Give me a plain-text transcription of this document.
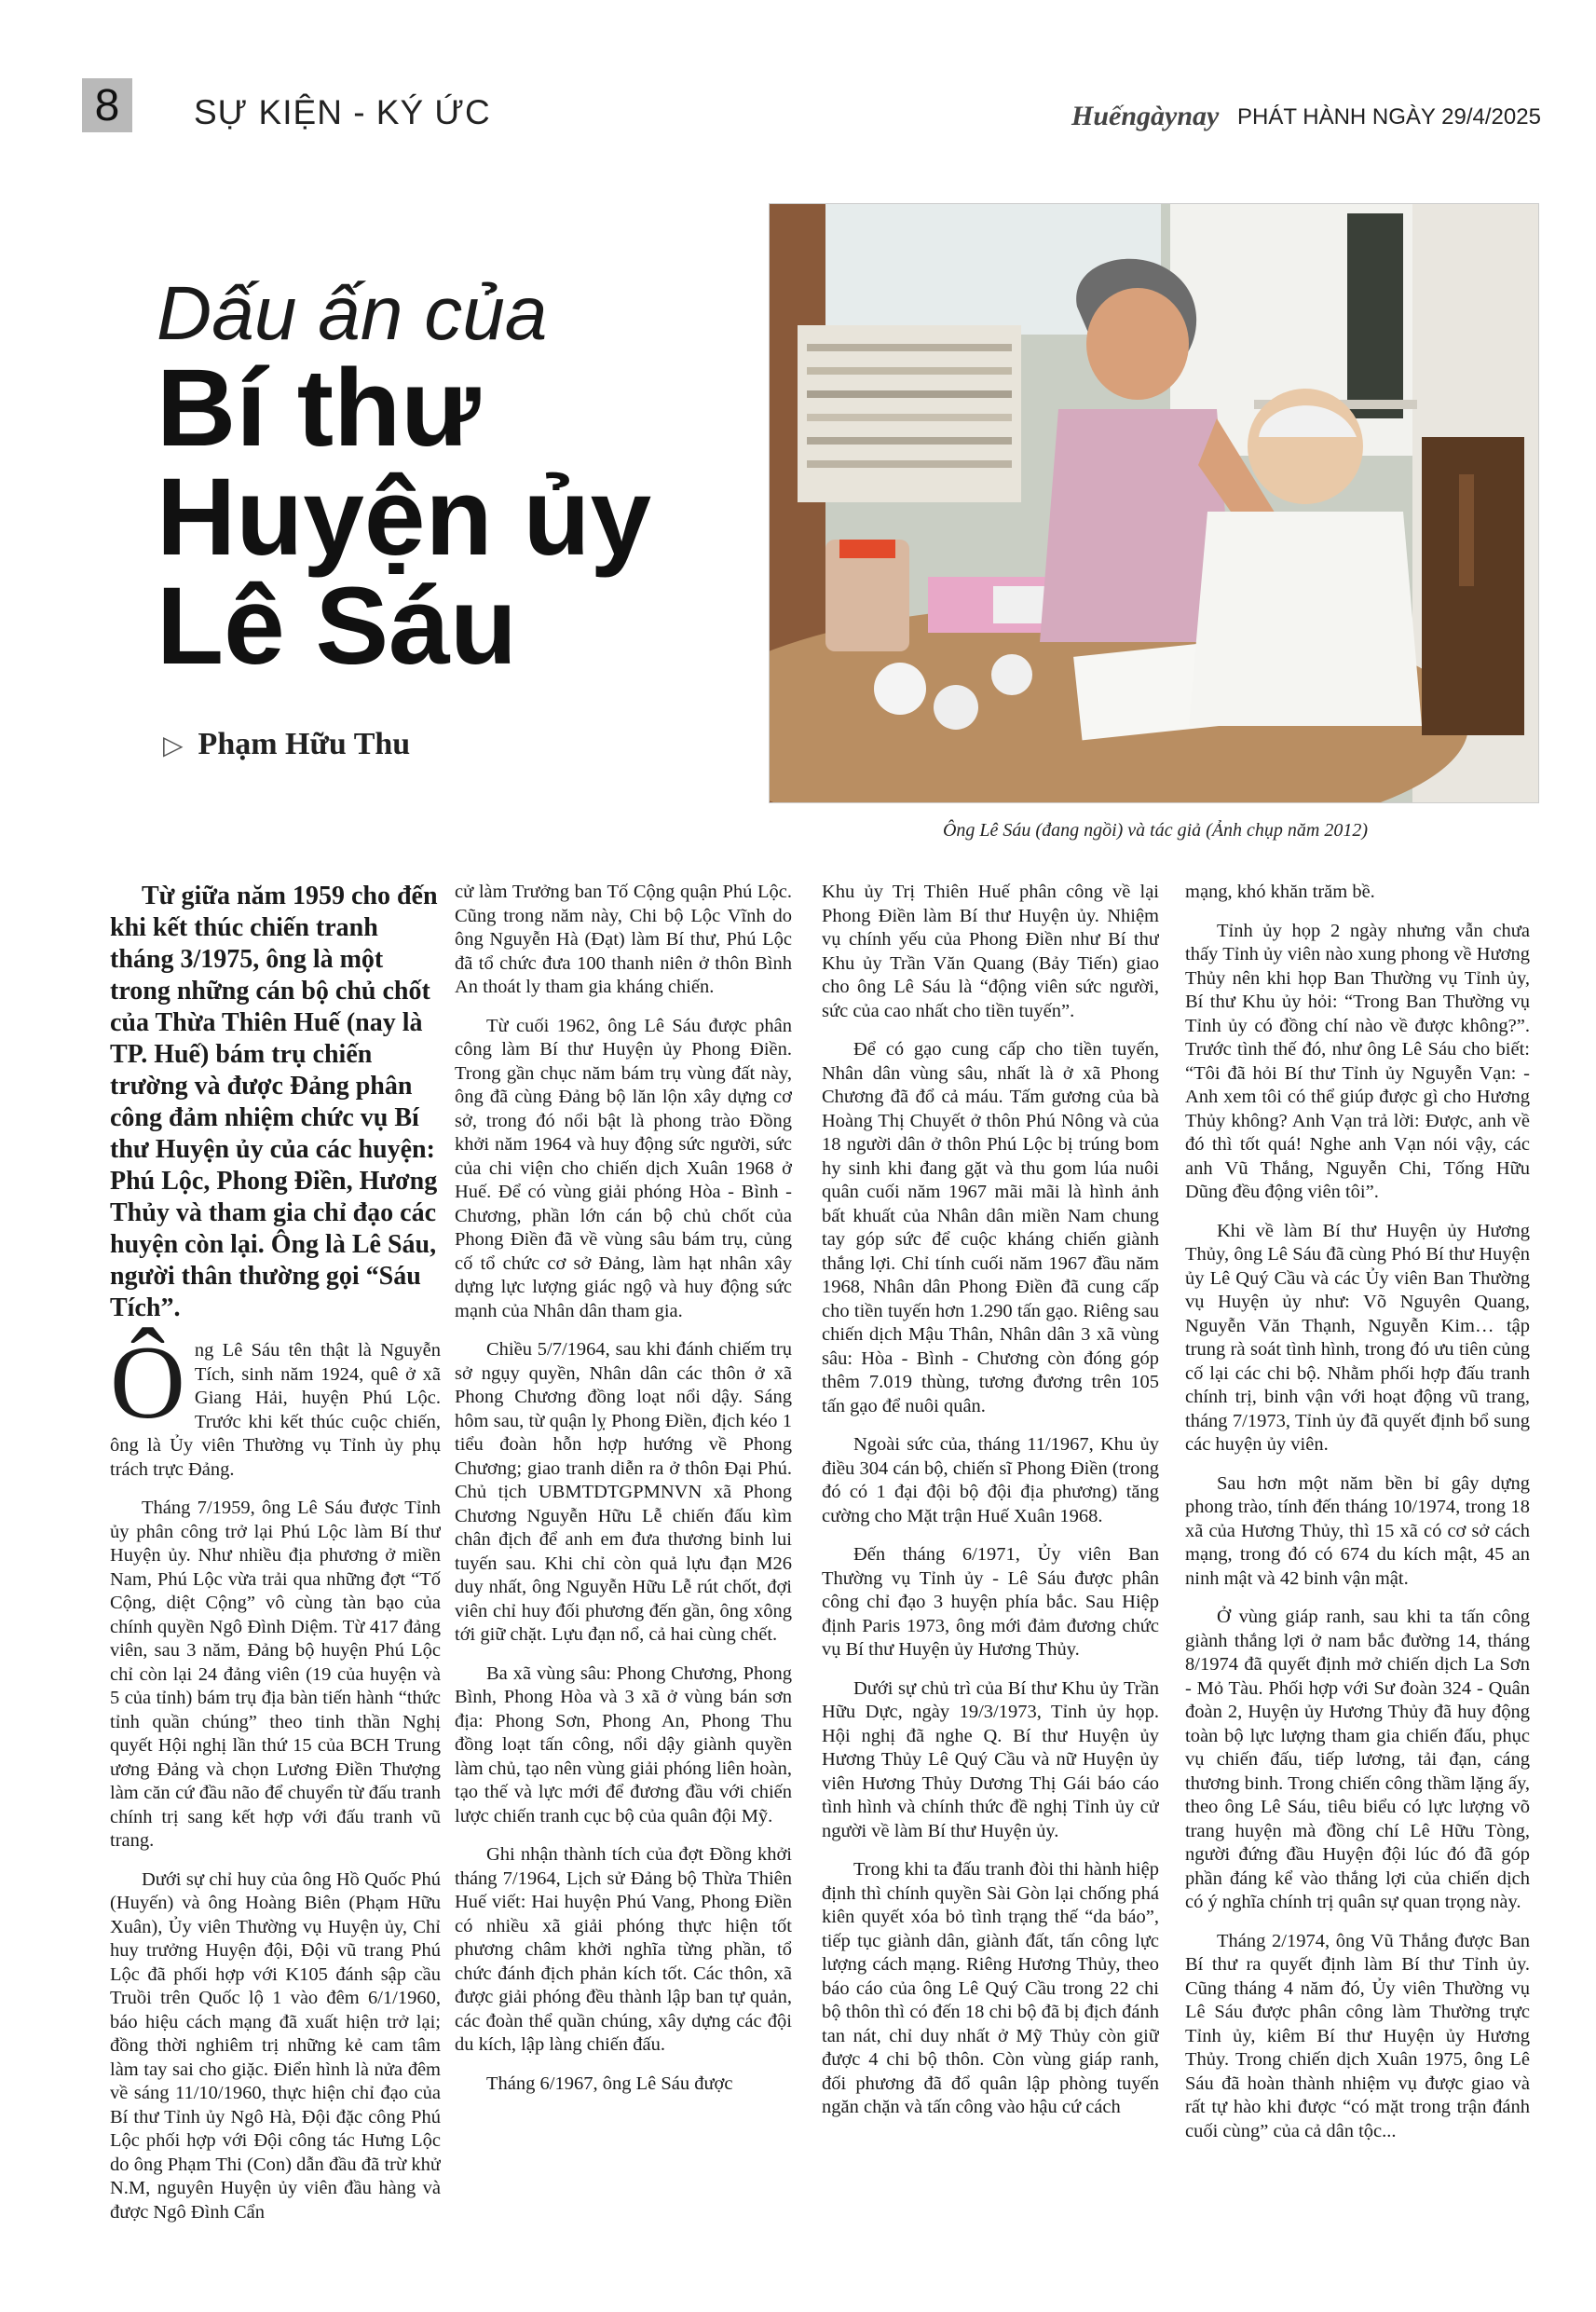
8	SỰ KIỆN - KÝ ỨC	Huếngàynay PHÁT HÀNH NGÀY 29/4/2025
Dấu ấn của
Bí thư
Huyện ủy
Lê Sáu
▷ Phạm Hữu Thu
Ông Lê Sáu (đang ngồi) và tác giả (Ảnh chụp năm 2012)

Từ giữa năm 1959 cho đến khi kết thúc chiến tranh tháng 3/1975, ông là một trong những cán bộ chủ chốt của Thừa Thiên Huế (nay là TP. Huế) bám trụ chiến trường và được Đảng phân công đảm nhiệm chức vụ Bí thư Huyện ủy của các huyện: Phú Lộc, Phong Điền, Hương Thủy và tham gia chỉ đạo các huyện còn lại. Ông là Lê Sáu, người thân thường gọi “Sáu Tích”.

Ông Lê Sáu tên thật là Nguyễn Tích, sinh năm 1924, quê ở xã Giang Hải, huyện Phú Lộc. Trước khi kết thúc cuộc chiến, ông là Ủy viên Thường vụ Tỉnh ủy phụ trách trực Đảng.

Tháng 7/1959, ông Lê Sáu được Tỉnh ủy phân công trở lại Phú Lộc làm Bí thư Huyện ủy. Như nhiều địa phương ở miền Nam, Phú Lộc vừa trải qua những đợt “Tố Cộng, diệt Cộng” vô cùng tàn bạo của chính quyền Ngô Đình Diệm. Từ 417 đảng viên, sau 3 năm, Đảng bộ huyện Phú Lộc chỉ còn lại 24 đảng viên (19 của huyện và 5 của tỉnh) bám trụ địa bàn tiến hành “thức tỉnh quần chúng” theo tinh thần Nghị quyết Hội nghị lần thứ 15 của BCH Trung ương Đảng và chọn Lương Điền Thượng làm căn cứ đầu não để chuyển từ đấu tranh chính trị sang kết hợp với đấu tranh vũ trang.

Dưới sự chỉ huy của ông Hồ Quốc Phú (Huyến) và ông Hoàng Biên (Phạm Hữu Xuân), Ủy viên Thường vụ Huyện ủy, Chỉ huy trưởng Huyện đội, Đội vũ trang Phú Lộc đã phối hợp với K105 đánh sập cầu Truồi trên Quốc lộ 1 vào đêm 6/1/1960, báo hiệu cách mạng đã xuất hiện trở lại; đồng thời nghiêm trị những kẻ cam tâm làm tay sai cho giặc. Điển hình là nửa đêm về sáng 11/10/1960, thực hiện chỉ đạo của Bí thư Tỉnh ủy Ngô Hà, Đội đặc công Phú Lộc phối hợp với Đội công tác Hưng Lộc do ông Phạm Thi (Con) dẫn đầu đã trừ khử N.M, nguyên Huyện ủy viên đầu hàng và được Ngô Đình Cẩn

cử làm Trưởng ban Tố Cộng quận Phú Lộc. Cũng trong năm này, Chi bộ Lộc Vĩnh do ông Nguyễn Hà (Đạt) làm Bí thư, Phú Lộc đã tổ chức đưa 100 thanh niên ở thôn Bình An thoát ly tham gia kháng chiến.

Từ cuối 1962, ông Lê Sáu được phân công làm Bí thư Huyện ủy Phong Điền. Trong gần chục năm bám trụ vùng đất này, ông đã cùng Đảng bộ lăn lộn xây dựng cơ sở, trong đó nổi bật là phong trào Đồng khởi năm 1964 và huy động sức người, sức của chi viện cho chiến dịch Xuân 1968 ở Huế. Để có vùng giải phóng Hòa - Bình - Chương, phần lớn cán bộ chủ chốt của Phong Điền đã về vùng sâu bám trụ, củng cố tổ chức cơ sở Đảng, làm hạt nhân xây dựng lực lượng giác ngộ và huy động sức mạnh của Nhân dân tham gia.

Chiều 5/7/1964, sau khi đánh chiếm trụ sở ngụy quyền, Nhân dân các thôn ở xã Phong Chương đồng loạt nổi dậy. Sáng hôm sau, từ quận lỵ Phong Điền, địch kéo 1 tiểu đoàn hỗn hợp hướng về Phong Chương; giao tranh diễn ra ở thôn Đại Phú. Chủ tịch UBMTDTGPMNVN xã Phong Chương Nguyễn Hữu Lễ chiến đấu kìm chân địch để anh em đưa thương binh lui tuyến sau. Khi chỉ còn quả lựu đạn M26 duy nhất, ông Nguyễn Hữu Lễ rút chốt, đợi viên chỉ huy đối phương đến gần, ông xông tới giữ chặt. Lựu đạn nổ, cả hai cùng chết.

Ba xã vùng sâu: Phong Chương, Phong Bình, Phong Hòa và 3 xã ở vùng bán sơn địa: Phong Sơn, Phong An, Phong Thu đồng loạt tấn công, nổi dậy giành quyền làm chủ, tạo nên vùng giải phóng liên hoàn, tạo thế và lực mới để đương đầu với chiến lược chiến tranh cục bộ của quân đội Mỹ.

Ghi nhận thành tích của đợt Đồng khởi tháng 7/1964, Lịch sử Đảng bộ Thừa Thiên Huế viết: Hai huyện Phú Vang, Phong Điền có nhiều xã giải phóng thực hiện tốt phương châm khởi nghĩa từng phần, tổ chức đánh địch phản kích tốt. Các thôn, xã được giải phóng đều thành lập ban tự quản, các đoàn thể quần chúng, xây dựng các đội du kích, lập làng chiến đấu.

Tháng 6/1967, ông Lê Sáu được

Khu ủy Trị Thiên Huế phân công về lại Phong Điền làm Bí thư Huyện ủy. Nhiệm vụ chính yếu của Phong Điền như Bí thư Khu ủy Trần Văn Quang (Bảy Tiến) giao cho ông Lê Sáu là “động viên sức người, sức của cao nhất cho tiền tuyến”.

Để có gạo cung cấp cho tiền tuyến, Nhân dân vùng sâu, nhất là ở xã Phong Chương đã đổ cả máu. Tấm gương của bà Hoàng Thị Chuyết ở thôn Phú Nông và của 18 người dân ở thôn Phú Lộc bị trúng bom hy sinh khi đang gặt và thu gom lúa nuôi quân cuối năm 1967 mãi mãi là hình ảnh bất khuất của Nhân dân miền Nam chung tay góp sức để cuộc kháng chiến giành thắng lợi. Chỉ tính cuối năm 1967 đầu năm 1968, Nhân dân Phong Điền đã cung cấp cho tiền tuyến hơn 1.290 tấn gạo. Riêng sau chiến dịch Mậu Thân, Nhân dân 3 xã vùng sâu: Hòa - Bình - Chương còn đóng góp thêm 7.019 thùng, tương đương trên 105 tấn gạo để nuôi quân.

Ngoài sức của, tháng 11/1967, Khu ủy điều 304 cán bộ, chiến sĩ Phong Điền (trong đó có 1 đại đội bộ đội địa phương) tăng cường cho Mặt trận Huế Xuân 1968.

Đến tháng 6/1971, Ủy viên Ban Thường vụ Tỉnh ủy - Lê Sáu được phân công chỉ đạo 3 huyện phía bắc. Sau Hiệp định Paris 1973, ông mới đảm đương chức vụ Bí thư Huyện ủy Hương Thủy.

Dưới sự chủ trì của Bí thư Khu ủy Trần Hữu Dực, ngày 19/3/1973, Tỉnh ủy họp. Hội nghị đã nghe Q. Bí thư Huyện ủy Hương Thủy Lê Quý Cầu và nữ Huyện ủy viên Hương Thủy Dương Thị Gái báo cáo tình hình và chính thức đề nghị Tỉnh ủy cử người về làm Bí thư Huyện ủy.

Trong khi ta đấu tranh đòi thi hành hiệp định thì chính quyền Sài Gòn lại chống phá kiên quyết xóa bỏ tình trạng thế “da báo”, tiếp tục giành dân, giành đất, tấn công lực lượng cách mạng. Riêng Hương Thủy, theo báo cáo của ông Lê Quý Cầu trong 22 chi bộ thôn thì có đến 18 chi bộ đã bị địch đánh tan nát, chỉ duy nhất ở Mỹ Thủy còn giữ được 4 chi bộ thôn. Còn vùng giáp ranh, đối phương đã đổ quân lập phòng tuyến ngăn chặn và tấn công vào hậu cứ cách

mạng, khó khăn trăm bề.

Tỉnh ủy họp 2 ngày nhưng vẫn chưa thấy Tỉnh ủy viên nào xung phong về Hương Thủy nên khi họp Ban Thường vụ Tỉnh ủy, Bí thư Khu ủy hỏi: “Trong Ban Thường vụ Tỉnh ủy có đồng chí nào về được không?”. Trước tình thế đó, như ông Lê Sáu cho biết: “Tôi đã hỏi Bí thư Tỉnh ủy Nguyễn Vạn: - Anh xem tôi có thể giúp được gì cho Hương Thủy không? Anh Vạn trả lời: Được, anh về đó thì tốt quá! Nghe anh Vạn nói vậy, các anh Vũ Thắng, Nguyễn Chi, Tống Hữu Dũng đều động viên tôi”.

Khi về làm Bí thư Huyện ủy Hương Thủy, ông Lê Sáu đã cùng Phó Bí thư Huyện ủy Lê Quý Cầu và các Ủy viên Ban Thường vụ Huyện ủy như: Võ Nguyên Quang, Nguyễn Văn Thạnh, Nguyễn Kim… tập trung rà soát tình hình, trong đó ưu tiên củng cố lại các chi bộ. Nhằm phối hợp đấu tranh chính trị, binh vận với hoạt động vũ trang, tháng 7/1973, Tỉnh ủy đã quyết định bổ sung các huyện ủy viên.

Sau hơn một năm bền bỉ gây dựng phong trào, tính đến tháng 10/1974, trong 18 xã của Hương Thủy, thì 15 xã có cơ sở cách mạng, trong đó có 674 du kích mật, 45 an ninh mật và 42 binh vận mật.

Ở vùng giáp ranh, sau khi ta tấn công giành thắng lợi ở nam bắc đường 14, tháng 8/1974 đã quyết định mở chiến dịch La Sơn - Mỏ Tàu. Phối hợp với Sư đoàn 324 - Quân đoàn 2, Huyện ủy Hương Thủy đã huy động toàn bộ lực lượng tham gia chiến đấu, phục vụ chiến đấu, tiếp lương, tải đạn, cáng thương binh. Trong chiến công thầm lặng ấy, theo ông Lê Sáu, tiêu biểu có lực lượng võ trang huyện mà đồng chí Lê Hữu Tòng, người đứng đầu Huyện đội lúc đó đã góp phần đáng kể vào thắng lợi của chiến dịch có ý nghĩa chính trị quân sự quan trọng này.

Tháng 2/1974, ông Vũ Thắng được Ban Bí thư ra quyết định làm Bí thư Tỉnh ủy. Cũng tháng 4 năm đó, Ủy viên Thường vụ Lê Sáu được phân công làm Thường trực Tỉnh ủy, kiêm Bí thư Huyện ủy Hương Thủy. Trong chiến dịch Xuân 1975, ông Lê Sáu đã hoàn thành nhiệm vụ được giao và rất tự hào khi được “có mặt trong trận đánh cuối cùng” của cả dân tộc...
